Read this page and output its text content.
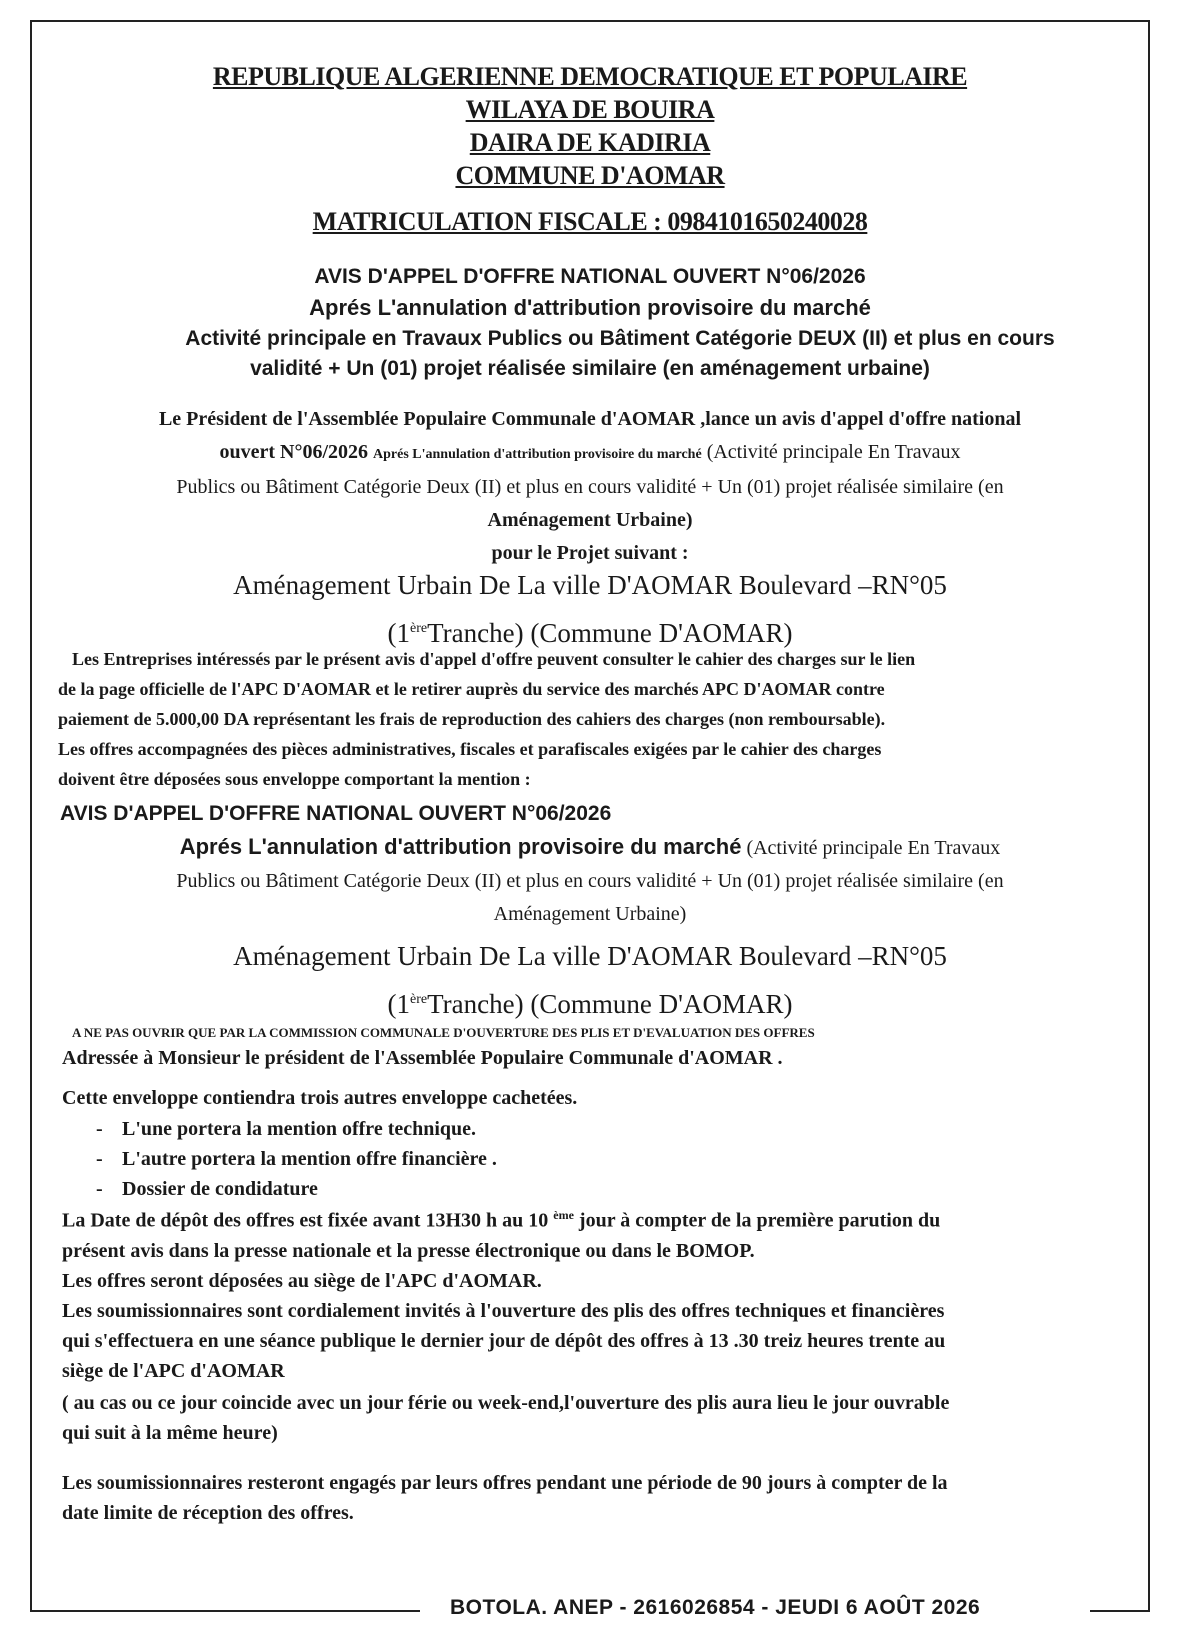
REPUBLIQUE ALGERIENNE DEMOCRATIQUE ET POPULAIRE
WILAYA DE BOUIRA
DAIRA DE KADIRIA
COMMUNE D'AOMAR
MATRICULATION FISCALE : 0984101650240028
AVIS D'APPEL D'OFFRE NATIONAL OUVERT N°06/2026
Aprés L'annulation d'attribution provisoire du marché
Activité principale en Travaux Publics ou Bâtiment Catégorie DEUX (II) et plus en cours
validité + Un (01) projet réalisée similaire (en aménagement urbaine)
Le Président de l'Assemblée Populaire Communale d'AOMAR ,lance un avis d'appel d'offre national
ouvert N°06/2026 Aprés L'annulation d'attribution provisoire du marché (Activité principale En Travaux
Publics ou Bâtiment Catégorie Deux (II) et plus en cours validité + Un (01) projet réalisée similaire (en
Aménagement Urbaine)
pour le Projet suivant :
Aménagement Urbain De La ville D'AOMAR Boulevard –RN°05
(1èreTranche) (Commune D'AOMAR)
Les Entreprises intéressés par le présent avis d'appel d'offre peuvent consulter le cahier des charges sur le lien
de la page officielle de l'APC D'AOMAR et le retirer auprès du service des marchés APC D'AOMAR contre
paiement de 5.000,00 DA représentant les frais de reproduction des cahiers des charges (non remboursable).
Les offres accompagnées des pièces administratives, fiscales et parafiscales exigées par le cahier des charges
doivent être déposées sous enveloppe comportant la mention :
AVIS D'APPEL D'OFFRE NATIONAL OUVERT N°06/2026
Aprés L'annulation d'attribution provisoire du marché (Activité principale En Travaux
Publics ou Bâtiment Catégorie Deux (II) et plus en cours validité + Un (01) projet réalisée similaire (en
Aménagement Urbaine)
Aménagement Urbain De La ville D'AOMAR Boulevard –RN°05
(1èreTranche) (Commune D'AOMAR)
A NE PAS OUVRIR QUE PAR LA COMMISSION COMMUNALE D'OUVERTURE DES PLIS ET D'EVALUATION DES OFFRES
Adressée à Monsieur le président de l'Assemblée Populaire Communale d'AOMAR .
Cette enveloppe contiendra trois autres enveloppe cachetées.
- L'une portera la mention offre technique.
- L'autre portera la mention offre financière .
- Dossier de condidature
La Date de dépôt des offres est fixée avant 13H30 h au 10 $^{ème}$ jour à compter de la première parution du
présent avis dans la presse nationale et la presse électronique ou dans le BOMOP.
Les offres seront déposées au siège de l'APC d'AOMAR.
Les soumissionnaires sont cordialement invités à l'ouverture des plis des offres techniques et financières
qui s'effectuera en une séance publique le dernier jour de dépôt des offres à 13 .30 treiz heures trente au
siège de l'APC d'AOMAR
( au cas ou ce jour coincide avec un jour férie ou week-end,l'ouverture des plis aura lieu le jour ouvrable
qui suit à la même heure)
Les soumissionnaires resteront engagés par leurs offres pendant une période de 90 jours à compter de la
date limite de réception des offres.
BOTOLA. ANEP - 2616026854 - JEUDI 6 AOÛT 2026
